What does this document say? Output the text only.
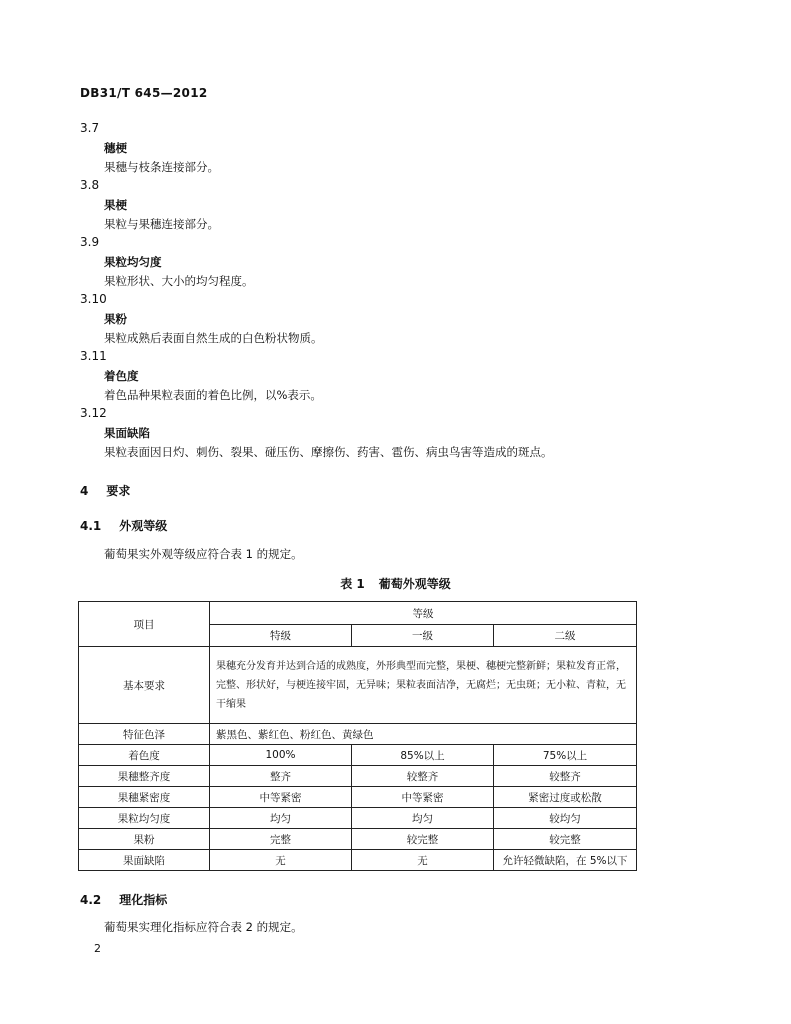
DB31/T 645—2012
3.7
穗梗
果穗与枝条连接部分。
3.8
果梗
果粒与果穗连接部分。
3.9
果粒均匀度
果粒形状、大小的均匀程度。
3.10
果粉
果粒成熟后表面自然生成的白色粉状物质。
3.11
着色度
着色品种果粒表面的着色比例，以%表示。
3.12
果面缺陷
果粒表面因日灼、刺伤、裂果、碰压伤、摩擦伤、药害、雹伤、病虫鸟害等造成的斑点。
4 要求
4.1 外观等级
葡萄果实外观等级应符合表 1 的规定。
表 1 葡萄外观等级
项目	等级		
	特级	一级	二级
基本要求	果穗充分发育并达到合适的成熟度，外形典型而完整，果梗、穗梗完整新鲜；果粒发育正常，完整、形状好，与梗连接牢固，无异味；果粒表面洁净，无腐烂；无虫斑；无小粒、青粒，无干缩果		
特征色泽	紫黑色、紫红色、粉红色、黄绿色		
着色度	100%	85%以上	75%以上
果穗整齐度	整齐	较整齐	较整齐
果穗紧密度	中等紧密	中等紧密	紧密过度或松散
果粒均匀度	均匀	均匀	较均匀
果粉	完整	较完整	较完整
果面缺陷	无	无	允许轻微缺陷，在 5%以下
4.2 理化指标
葡萄果实理化指标应符合表 2 的规定。
2
